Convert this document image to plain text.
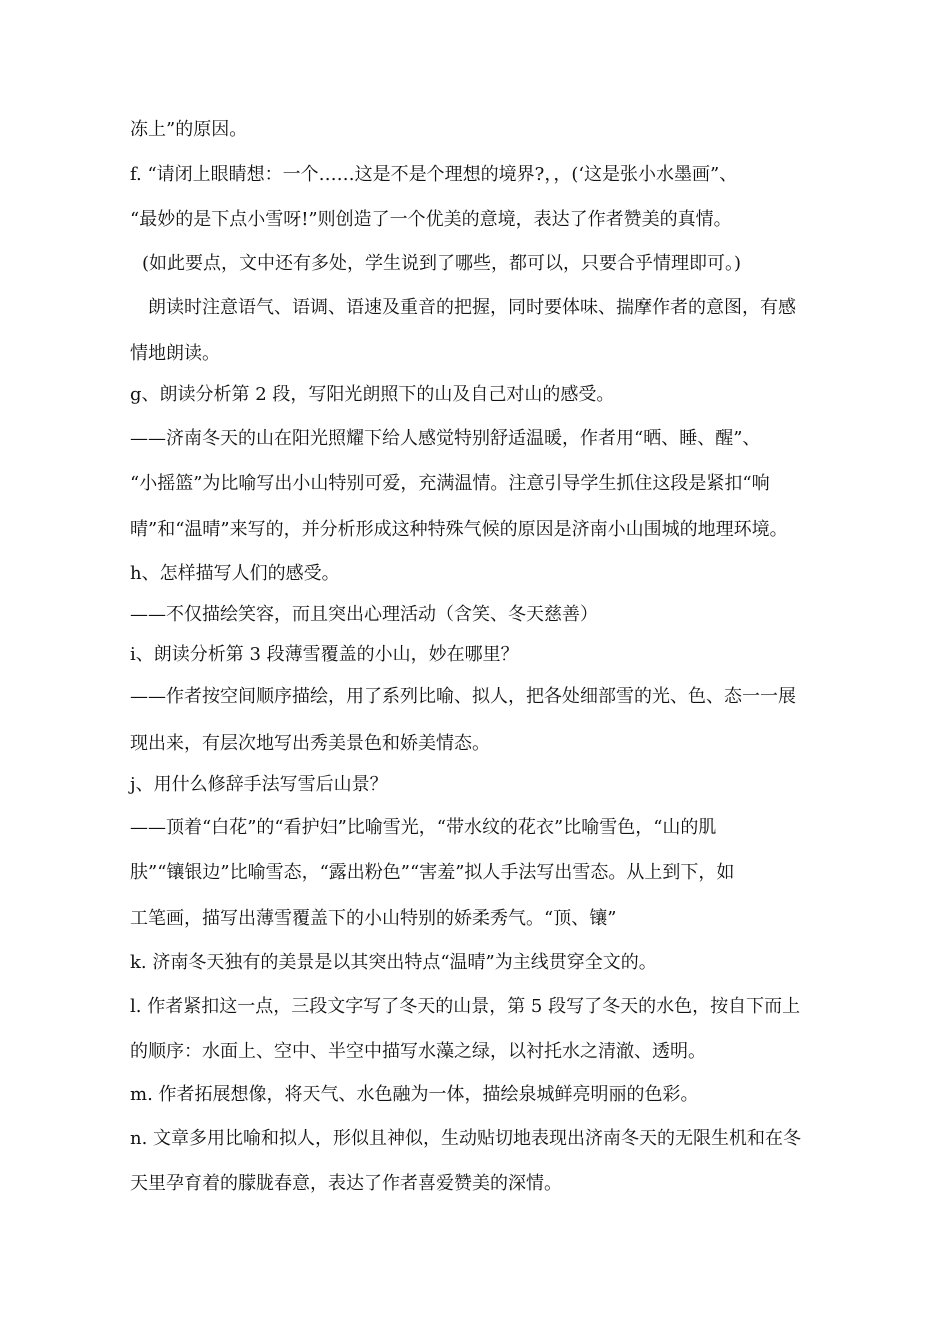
冻上”的原因。
f. “请闭上眼睛想：一个……这是不是个理想的境界?，，(‘这是张小水墨画”、
“最妙的是下点小雪呀!”则创造了一个优美的意境，表达了作者赞美的真情。
(如此要点，文中还有多处，学生说到了哪些，都可以，只要合乎情理即可。)
朗读时注意语气、语调、语速及重音的把握，同时要体味、揣摩作者的意图，有感
情地朗读。
g、朗读分析第 2 段，写阳光朗照下的山及自己对山的感受。
——济南冬天的山在阳光照耀下给人感觉特别舒适温暖，作者用“晒、睡、醒”、
“小摇篮”为比喻写出小山特别可爱，充满温情。注意引导学生抓住这段是紧扣“响
晴”和“温晴”来写的，并分析形成这种特殊气候的原因是济南小山围城的地理环境。
h、怎样描写人们的感受。
——不仅描绘笑容，而且突出心理活动（含笑、冬天慈善）
i、朗读分析第 3 段薄雪覆盖的小山，妙在哪里？
——作者按空间顺序描绘，用了系列比喻、拟人，把各处细部雪的光、色、态一一展
现出来，有层次地写出秀美景色和娇美情态。
j、用什么修辞手法写雪后山景？
——顶着“白花”的“看护妇”比喻雪光，“带水纹的花衣”比喻雪色，“山的肌
肤”“镶银边”比喻雪态，“露出粉色”“害羞”拟人手法写出雪态。从上到下，如
工笔画，描写出薄雪覆盖下的小山特别的娇柔秀气。“顶、镶”
k. 济南冬天独有的美景是以其突出特点“温晴”为主线贯穿全文的。
l. 作者紧扣这一点，三段文字写了冬天的山景，第 5 段写了冬天的水色，按自下而上
的顺序：水面上、空中、半空中描写水藻之绿，以衬托水之清澈、透明。
m. 作者拓展想像，将天气、水色融为一体，描绘泉城鲜亮明丽的色彩。
n. 文章多用比喻和拟人，形似且神似，生动贴切地表现出济南冬天的无限生机和在冬
天里孕育着的朦胧春意，表达了作者喜爱赞美的深情。
